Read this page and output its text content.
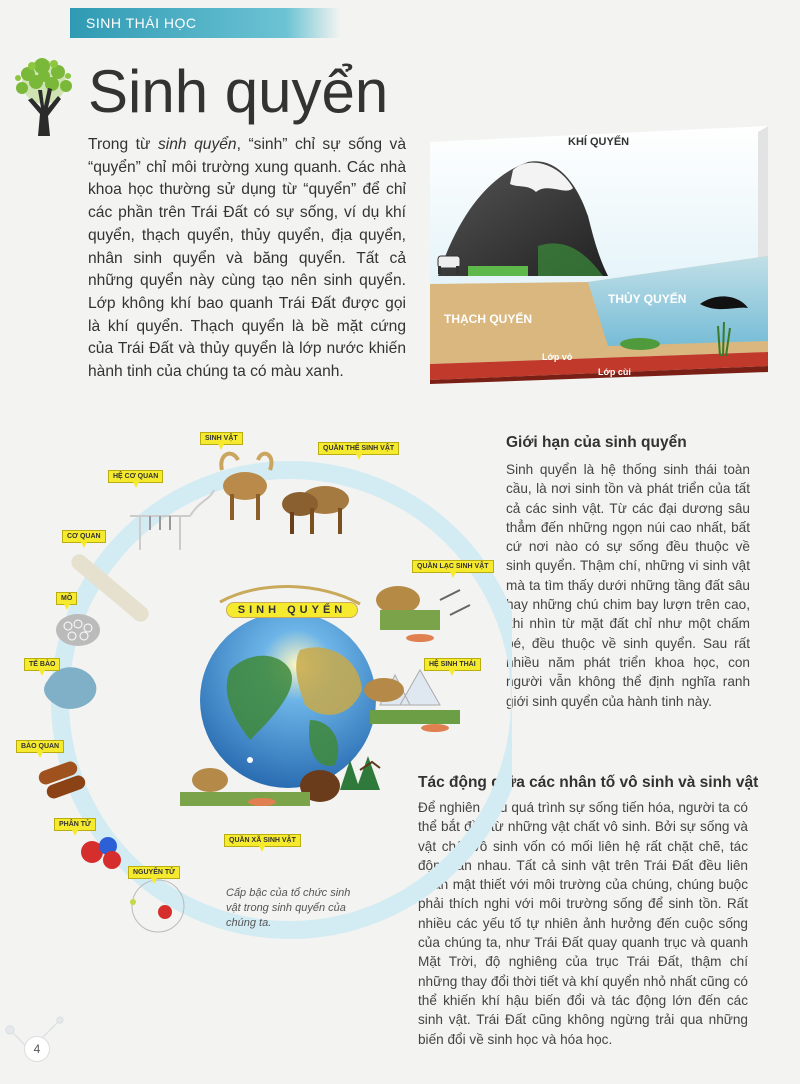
SINH THÁI HỌC
Sinh quyển

Trong từ sinh quyển, “sinh” chỉ sự sống và “quyển” chỉ môi trường xung quanh. Các nhà khoa học thường sử dụng từ “quyển” để chỉ các phần trên Trái Đất có sự sống, ví dụ khí quyển, thạch quyển, thủy quyển, địa quyển, nhân sinh quyển và băng quyển. Tất cả những quyển này cùng tạo nên sinh quyển. Lớp không khí bao quanh Trái Đất được gọi là khí quyển. Thạch quyển là bề mặt cứng của Trái Đất và thủy quyển là lớp nước khiến hành tinh của chúng ta có màu xanh.

KHÍ QUYỂN
THỦY QUYỂN
THẠCH QUYỂN
Lớp vỏ
Lớp cùi
Giới hạn của sinh quyển

Sinh quyển là hệ thống sinh thái toàn cầu, là nơi sinh tồn và phát triển của tất cả các sinh vật. Từ các đại dương sâu thẳm đến những ngọn núi cao nhất, bất cứ nơi nào có sự sống đều thuộc về sinh quyển. Thậm chí, những vi sinh vật mà ta tìm thấy dưới những tầng đất sâu hay những chú chim bay lượn trên cao, khi nhìn từ mặt đất chỉ như một chấm bé, đều thuộc về sinh quyển. Sau rất nhiều năm phát triển khoa học, con người vẫn không thể định nghĩa ranh giới sinh quyển của hành tinh này.

Tác động giữa các nhân tố vô sinh và sinh vật

Để nghiên cứu quá trình sự sống tiến hóa, người ta có thể bắt đầu từ những vật chất vô sinh. Bởi sự sống và vật chất vô sinh vốn có mối liên hệ rất chặt chẽ, tác động lẫn nhau. Tất cả sinh vật trên Trái Đất đều liên quan mật thiết với môi trường của chúng, chúng buộc phải thích nghi với môi trường sống để sinh tồn. Rất nhiều các yếu tố tự nhiên ảnh hưởng đến cuộc sống của chúng ta, như Trái Đất quay quanh trục và quanh Mặt Trời, độ nghiêng của trục Trái Đất, thậm chí những thay đổi thời tiết và khí quyển nhỏ nhất cũng có thể khiến khí hậu biến đổi và tác động lớn đến các sinh vật. Trái Đất cũng không ngừng trải qua những biến đổi về sinh học và hóa học.

SINH VẬT
QUẦN THỂ SINH VẬT
HỆ CƠ QUAN
CƠ QUAN
MÔ
TẾ BÀO
BÀO QUAN
PHÂN TỬ
NGUYÊN TỬ
QUẦN LẠC SINH VẬT
HỆ SINH THÁI
QUẦN XÃ SINH VẬT
SINH QUYỂN

Cấp bậc của tổ chức sinh vật trong sinh quyển của chúng ta.

4
